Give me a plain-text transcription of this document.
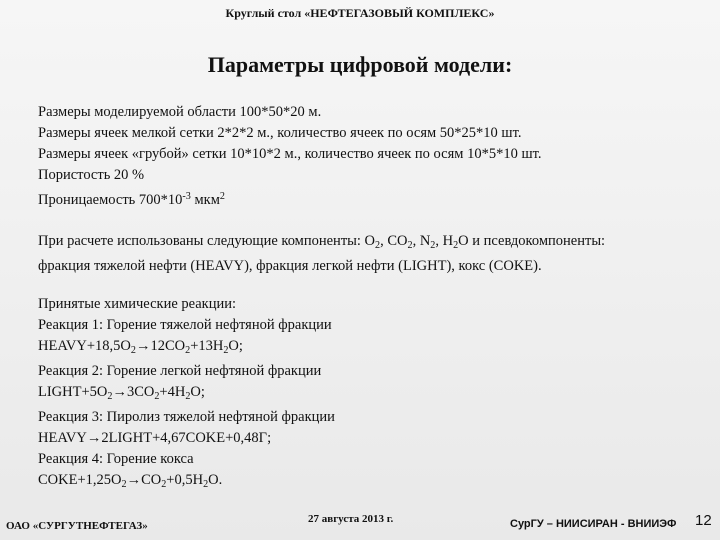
Круглый стол «НЕФТЕГАЗОВЫЙ КОМПЛЕКС»
Параметры цифровой модели:
Размеры моделируемой области 100*50*20 м.
Размеры ячеек мелкой сетки 2*2*2 м., количество ячеек по осям 50*25*10 шт.
Размеры ячеек «грубой» сетки 10*10*2 м., количество ячеек по осям 10*5*10 шт.
Пористость 20 %
Проницаемость $700*10^{-3}$ мкм$^2$
При расчете использованы следующие компоненты: $O_2$, $CO_2$, $N_2$, $H_2O$ и псевдокомпоненты:
фракция тяжелой нефти (HEAVY), фракция легкой нефти (LIGHT), кокс (COKE).
Принятые химические реакции:
Реакция 1: Горение тяжелой нефтяной фракции
$HEAVY+18,5O_2\to 12CO_2+13H_2O$;
Реакция 2: Горение легкой нефтяной фракции
$LIGHT+5O_2\to 3CO_2+4H_2O$;
Реакция 3: Пиролиз тяжелой нефтяной фракции
HEAVY→2LIGHT+4,67COKE+0,48Г;
Реакция 4: Горение кокса
$COKE+1,25O_2\to CO_2+0,5H_2O$.
ОАО «СУРГУТНЕФТЕГАЗ»
27 августа 2013 г.	СурГУ – НИИСИРАН - ВНИИЭФ 12
